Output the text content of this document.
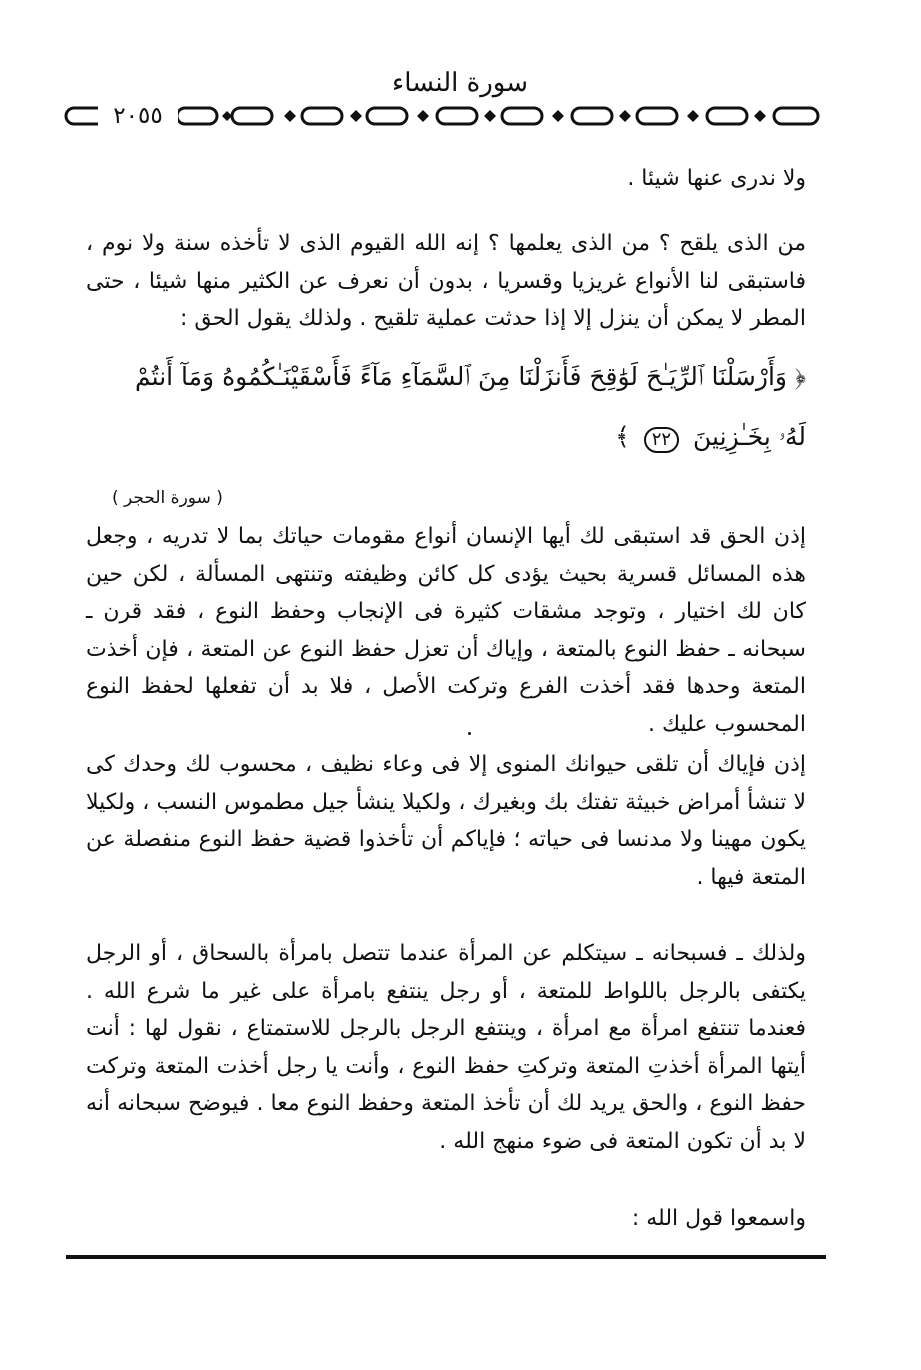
سورة النساء
٢٠٥٥

ولا ندرى عنها شيئا .

من الذى يلقح ؟ من الذى يعلمها ؟ إنه الله القيوم الذى لا تأخذه سنة ولا نوم ، فاستبقى لنا الأنواع غريزيا وقسريا ، بدون أن نعرف عن الكثير منها شيئا ، حتى المطر لا يمكن أن ينزل إلا إذا حدثت عملية تلقيح . ولذلك يقول الحق :

﴿ وَأَرْسَلْنَا ٱلرِّيَـٰحَ لَوَٰقِحَ فَأَنزَلْنَا مِنَ ٱلسَّمَآءِ مَآءً فَأَسْقَيْنَـٰكُمُوهُ وَمَآ أَنتُمْ لَهُۥ بِخَـٰزِنِينَ ٢٢ ﴾
( سورة الحجر )

إذن الحق قد استبقى لك أيها الإنسان أنواع مقومات حياتك بما لا تدريه ، وجعل هذه المسائل قسرية بحيث يؤدى كل كائن وظيفته وتنتهى المسألة ، لكن حين كان لك اختيار ، وتوجد مشقات كثيرة فى الإنجاب وحفظ النوع ، فقد قرن ـ سبحانه ـ حفظ النوع بالمتعة ، وإياك أن تعزل حفظ النوع عن المتعة ، فإن أخذت المتعة وحدها فقد أخذت الفرع وتركت الأصل ، فلا بد أن تفعلها لحفظ النوع المحسوب عليك .

إذن فإياك أن تلقى حيوانك المنوى إلا فى وعاء نظيف ، محسوب لك وحدك كى لا تنشأ أمراض خبيثة تفتك بك وبغيرك ، ولكيلا ينشأ جيل مطموس النسب ، ولكيلا يكون مهينا ولا مدنسا فى حياته ؛ فإياكم أن تأخذوا قضية حفظ النوع منفصلة عن المتعة فيها .

ولذلك ـ فسبحانه ـ سيتكلم عن المرأة عندما تتصل بامرأة بالسحاق ، أو الرجل يكتفى بالرجل باللواط للمتعة ، أو رجل ينتفع بامرأة على غير ما شرع الله . فعندما تنتفع امرأة مع امرأة ، وينتفع الرجل بالرجل للاستمتاع ، نقول لها : أنت أيتها المرأة أخذتِ المتعة وتركتِ حفظ النوع ، وأنت يا رجل أخذت المتعة وتركت حفظ النوع ، والحق يريد لك أن تأخذ المتعة وحفظ النوع معا . فيوضح سبحانه أنه لا بد أن تكون المتعة فى ضوء منهج الله .

واسمعوا قول الله :
